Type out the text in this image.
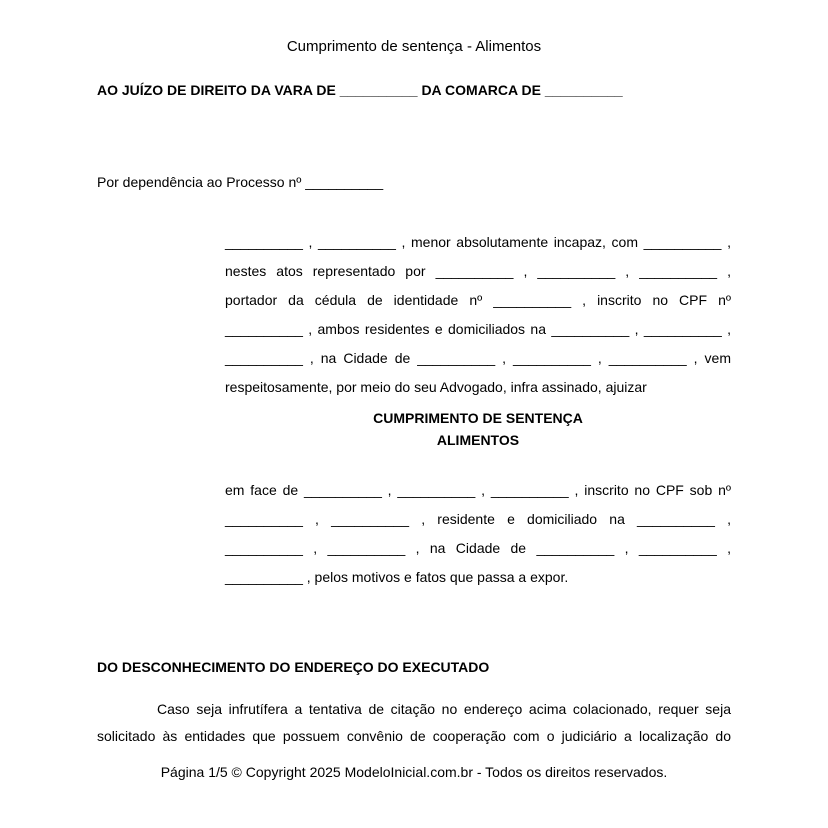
Cumprimento de sentença - Alimentos
AO JUÍZO DE DIREITO DA VARA DE __________ DA COMARCA DE __________
Por dependência ao Processo nº __________

__________ , __________ , menor absolutamente incapaz, com __________ , nestes atos representado por __________ , __________ , __________ , portador da cédula de identidade nº __________ , inscrito no CPF nº __________ , ambos residentes e domiciliados na __________ , __________ , __________ , na Cidade de __________ , __________ , __________ , vem respeitosamente, por meio do seu Advogado, infra assinado, ajuizar

CUMPRIMENTO DE SENTENÇA
ALIMENTOS

em face de __________ , __________ , __________ , inscrito no CPF sob nº __________ , __________ , residente e domiciliado na __________ , __________ , __________ , na Cidade de __________ , __________ , __________ , pelos motivos e fatos que passa a expor.

DO DESCONHECIMENTO DO ENDEREÇO DO EXECUTADO

Caso seja infrutífera a tentativa de citação no endereço acima colacionado, requer seja solicitado às entidades que possuem convênio de cooperação com o judiciário a localização do

Página 1/5 © Copyright 2025 ModeloInicial.com.br - Todos os direitos reservados.
